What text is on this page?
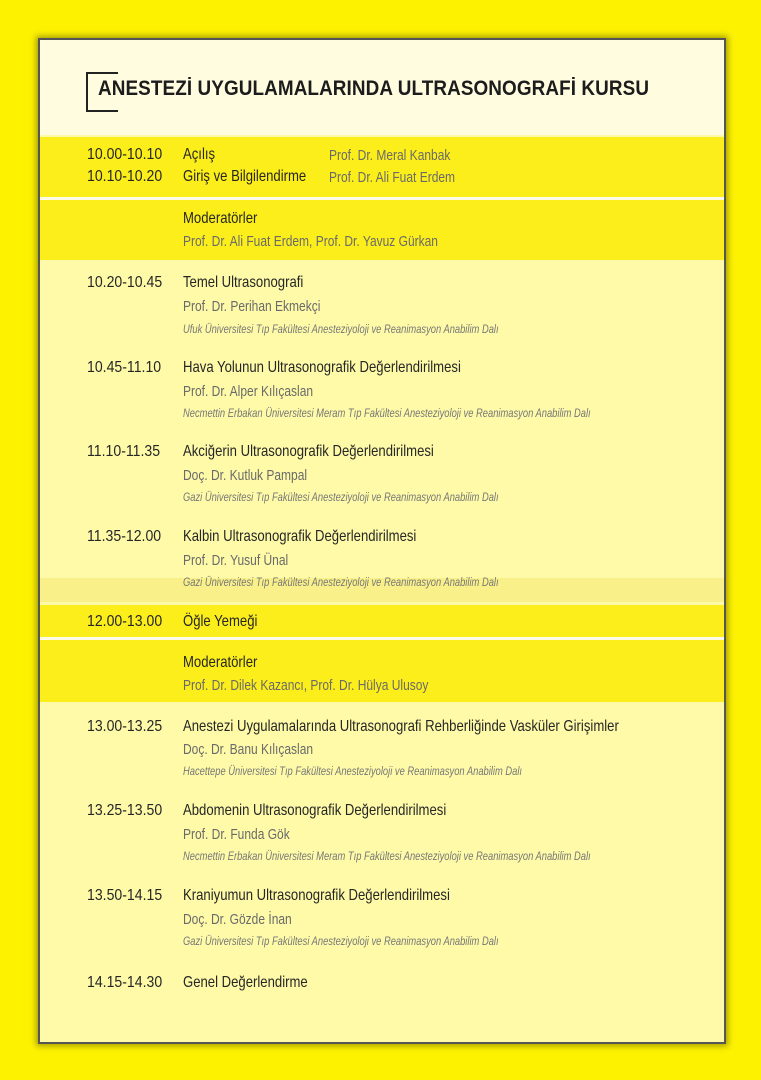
ANESTEZİ UYGULAMALARINDA ULTRASONOGRAFİ KURSU
10.00-10.10 Açılış	Prof. Dr. Meral Kanbak
10.10-10.20 Giriş ve Bilgilendirme Prof. Dr. Ali Fuat Erdem
Moderatörler
Prof. Dr. Ali Fuat Erdem, Prof. Dr. Yavuz Gürkan
10.20-10.45 Temel Ultrasonografi
Prof. Dr. Perihan Ekmekçi
Ufuk Üniversitesi Tıp Fakültesi Anesteziyoloji ve Reanimasyon Anabilim Dalı
10.45-11.10 Hava Yolunun Ultrasonografik Değerlendirilmesi
Prof. Dr. Alper Kılıçaslan
Necmettin Erbakan Üniversitesi Meram Tıp Fakültesi Anesteziyoloji ve Reanimasyon Anabilim Dalı
11.10-11.35 Akciğerin Ultrasonografik Değerlendirilmesi
Doç. Dr. Kutluk Pampal
Gazi Üniversitesi Tıp Fakültesi Anesteziyoloji ve Reanimasyon Anabilim Dalı
11.35-12.00 Kalbin Ultrasonografik Değerlendirilmesi
Prof. Dr. Yusuf Ünal
Gazi Üniversitesi Tıp Fakültesi Anesteziyoloji ve Reanimasyon Anabilim Dalı
12.00-13.00 Öğle Yemeği
Moderatörler
Prof. Dr. Dilek Kazancı, Prof. Dr. Hülya Ulusoy
13.00-13.25 Anestezi Uygulamalarında Ultrasonografi Rehberliğinde Vasküler Girişimler
Doç. Dr. Banu Kılıçaslan
Hacettepe Üniversitesi Tıp Fakültesi Anesteziyoloji ve Reanimasyon Anabilim Dalı
13.25-13.50 Abdomenin Ultrasonografik Değerlendirilmesi
Prof. Dr. Funda Gök
Necmettin Erbakan Üniversitesi Meram Tıp Fakültesi Anesteziyoloji ve Reanimasyon Anabilim Dalı
13.50-14.15 Kraniyumun Ultrasonografik Değerlendirilmesi
Doç. Dr. Gözde İnan
Gazi Üniversitesi Tıp Fakültesi Anesteziyoloji ve Reanimasyon Anabilim Dalı
14.15-14.30 Genel Değerlendirme
